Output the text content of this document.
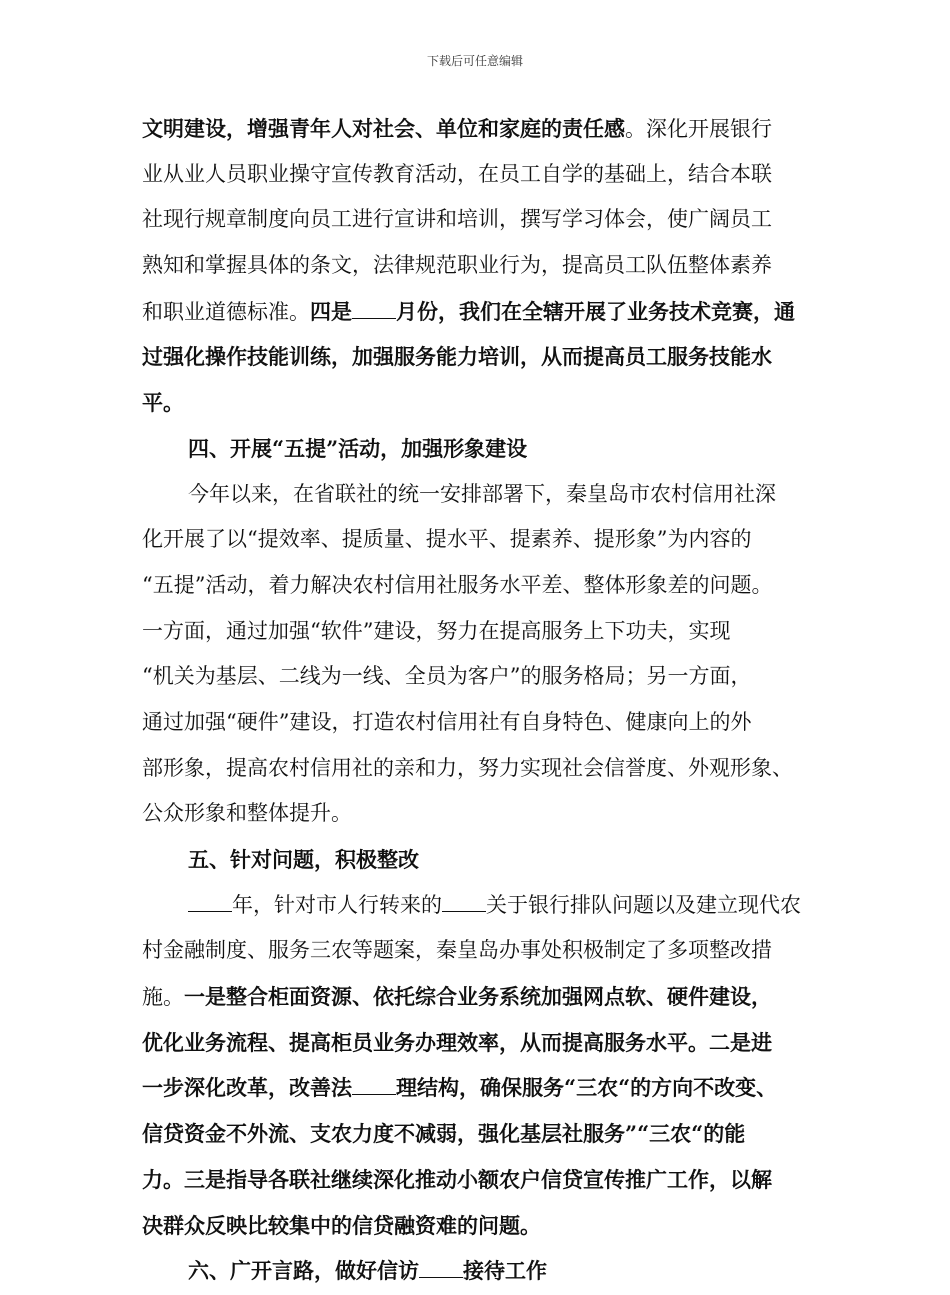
下载后可任意编辑
文明建设，增强青年人对社会、单位和家庭的责任感。深化开展银行
业从业人员职业操守宣传教育活动，在员工自学的基础上，结合本联
社现行规章制度向员工进行宣讲和培训，撰写学习体会，使广阔员工
熟知和掌握具体的条文，法律规范职业行为，提高员工队伍整体素养
和职业道德标准。四是 月份，我们在全辖开展了业务技术竞赛，通
过强化操作技能训练，加强服务能力培训，从而提高员工服务技能水
平。
四、开展“五提”活动，加强形象建设
今年以来，在省联社的统一安排部署下，秦皇岛市农村信用社深
化开展了以“提效率、提质量、提水平、提素养、提形象”为内容的
“五提”活动，着力解决农村信用社服务水平差、整体形象差的问题。
一方面，通过加强“软件”建设，努力在提高服务上下功夫，实现
“机关为基层、二线为一线、全员为客户”的服务格局；另一方面，
通过加强“硬件”建设，打造农村信用社有自身特色、健康向上的外
部形象，提高农村信用社的亲和力，努力实现社会信誉度、外观形象、
公众形象和整体提升。
五、针对问题，积极整改
年，针对市人行转来的 关于银行排队问题以及建立现代农
村金融制度、服务三农等题案，秦皇岛办事处积极制定了多项整改措
施。一是整合柜面资源、依托综合业务系统加强网点软、硬件建设，
优化业务流程、提高柜员业务办理效率，从而提高服务水平。二是进
一步深化改革，改善法 理结构，确保服务“三农“的方向不改变、
信贷资金不外流、支农力度不减弱，强化基层社服务”“三农“的能
力。三是指导各联社继续深化推动小额农户信贷宣传推广工作，以解
决群众反映比较集中的信贷融资难的问题。
六、广开言路，做好信访 接待工作
